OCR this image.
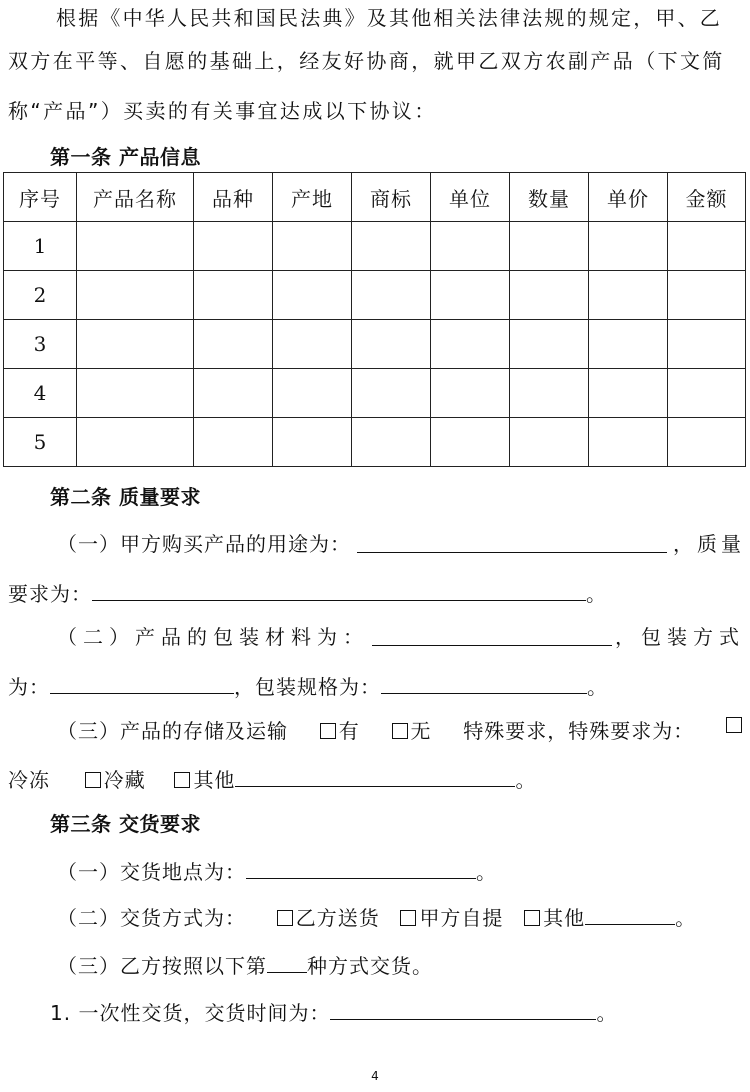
根据《中华人民共和国民法典》及其他相关法律法规的规定，甲、乙
双方在平等、自愿的基础上，经友好协商，就甲乙双方农副产品（下文简
称“产品”）买卖的有关事宜达成以下协议：
第一条 产品信息
序号	产品名称	品种	产地	商标	单位	数量	单价	金额
1								
2								
3								
4								
5								
第二条 质量要求
（一）甲方购买产品的用途为：	，质量
要求为：	。
（二）产品的包装材料为：	，包装方式
为：	，包装规格为：	。
（三）产品的存储及运输	有	无 特殊要求，特殊要求为：
冷冻	冷藏 其他	。
第三条 交货要求
（一）交货地点为：	。
（二）交货方式为： 乙方送货 甲方自提 其他	。
（三）乙方按照以下第 种方式交货。
1. 一次性交货，交货时间为：	。
4
